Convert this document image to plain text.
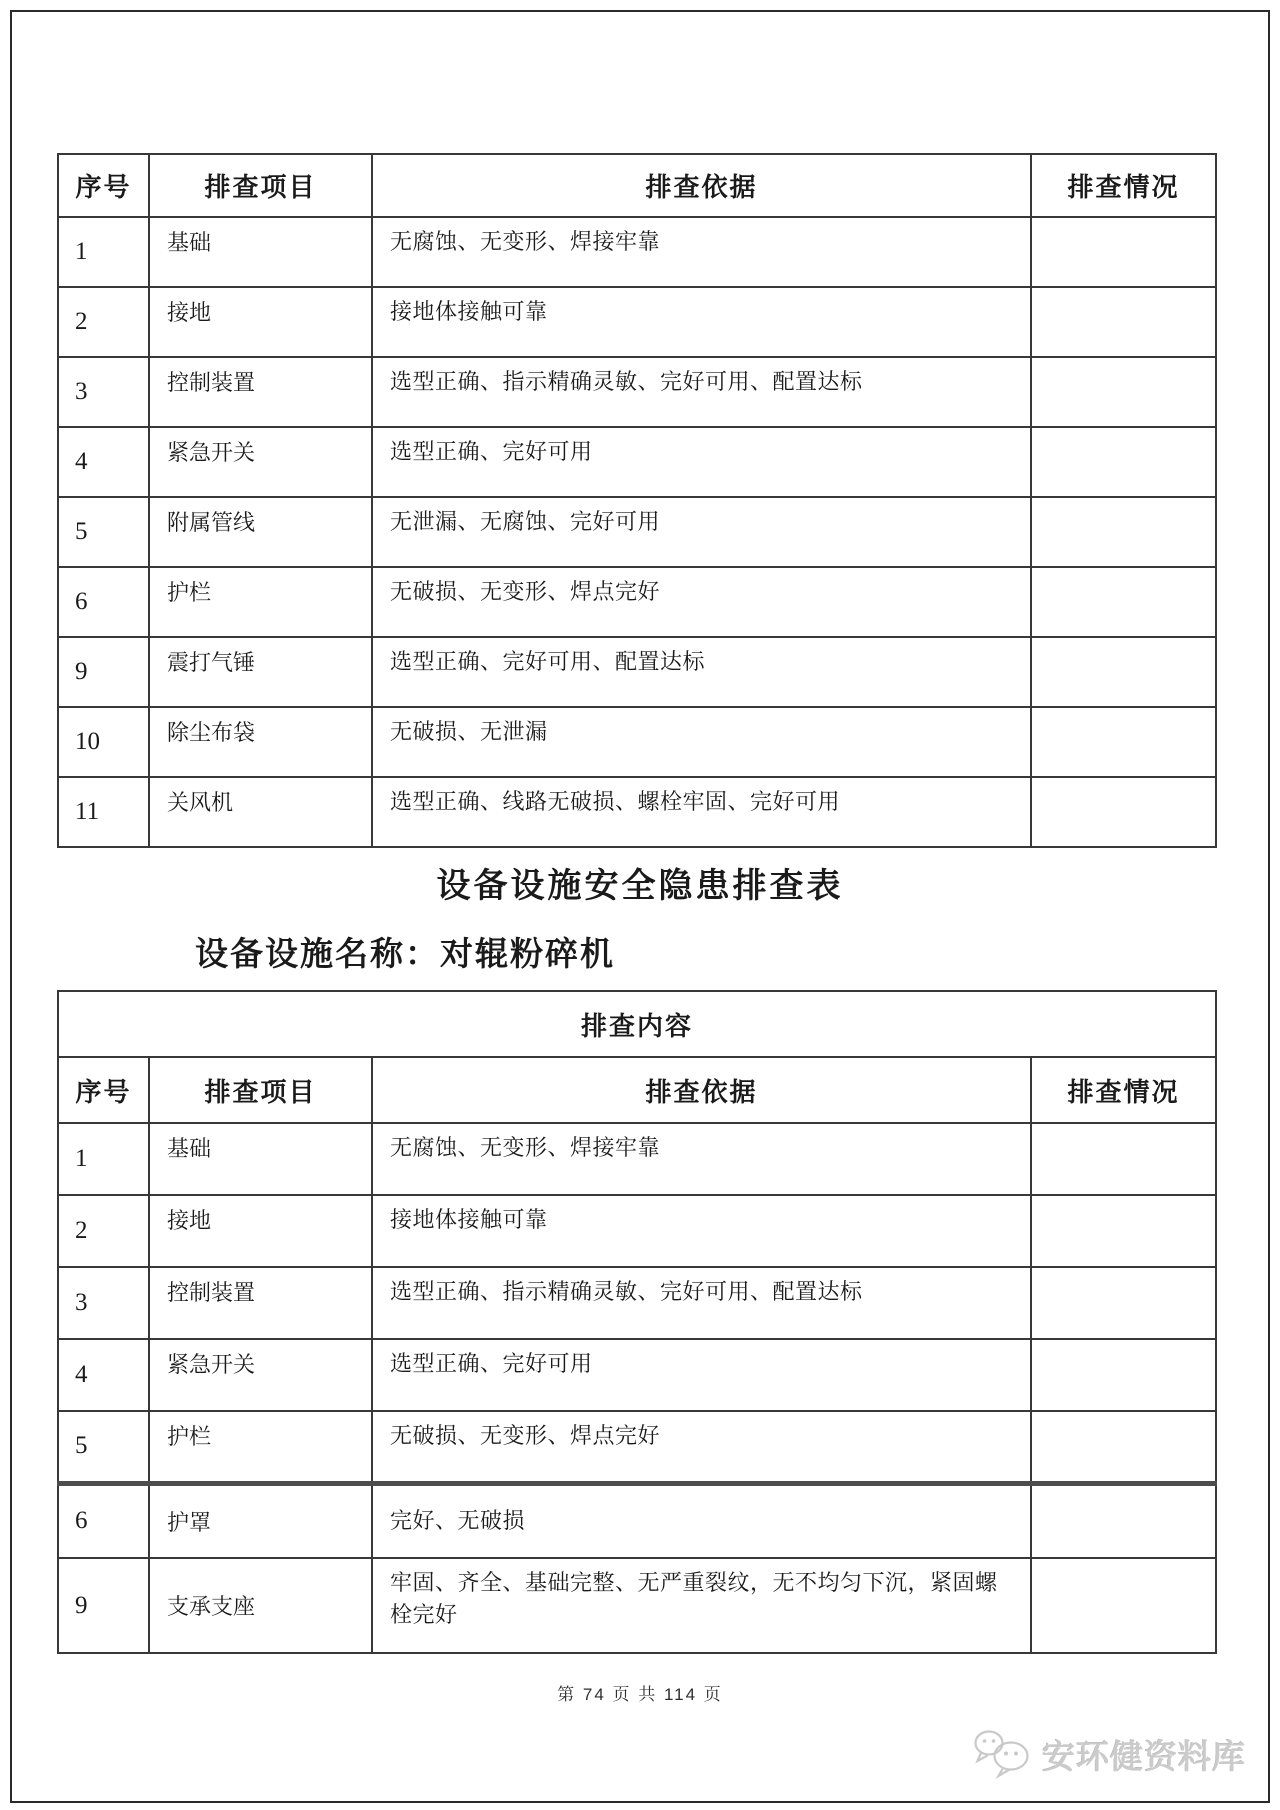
序号	排查项目	排查依据	排查情况
1	基础	无腐蚀、无变形、焊接牢靠	
2	接地	接地体接触可靠	
3	控制装置	选型正确、指示精确灵敏、完好可用、配置达标	
4	紧急开关	选型正确、完好可用	
5	附属管线	无泄漏、无腐蚀、完好可用	
6	护栏	无破损、无变形、焊点完好	
9	震打气锤	选型正确、完好可用、配置达标	
10	除尘布袋	无破损、无泄漏	
11	关风机	选型正确、线路无破损、螺栓牢固、完好可用	
设备设施安全隐患排查表
设备设施名称：对辊粉碎机
排查内容			
序号	排查项目	排查依据	排查情况
1	基础	无腐蚀、无变形、焊接牢靠	
2	接地	接地体接触可靠	
3	控制装置	选型正确、指示精确灵敏、完好可用、配置达标	
4	紧急开关	选型正确、完好可用	
5	护栏	无破损、无变形、焊点完好	
6	护罩	完好、无破损	
9	支承支座	牢固、齐全、基础完整、无严重裂纹，无不均匀下沉，紧固螺栓完好	
第 74 页 共 114 页
安环健资料库
